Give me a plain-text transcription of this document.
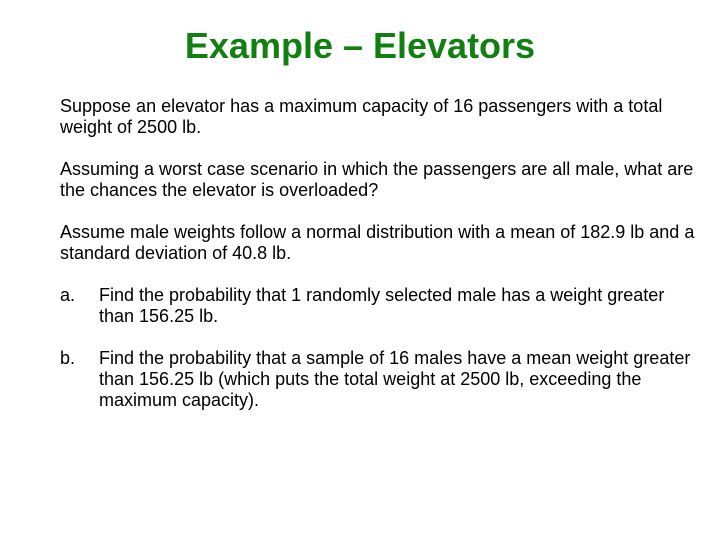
Example – Elevators

Suppose an elevator has a maximum capacity of 16 passengers with a total weight of 2500 lb.

Assuming a worst case scenario in which the passengers are all male, what are the chances the elevator is overloaded?

Assume male weights follow a normal distribution with a mean of 182.9 lb and a standard deviation of 40.8 lb.

a.	Find the probability that 1 randomly selected male has a weight greater than 156.25 lb.
b.	Find the probability that a sample of 16 males have a mean weight greater than 156.25 lb (which puts the total weight at 2500 lb, exceeding the maximum capacity).
